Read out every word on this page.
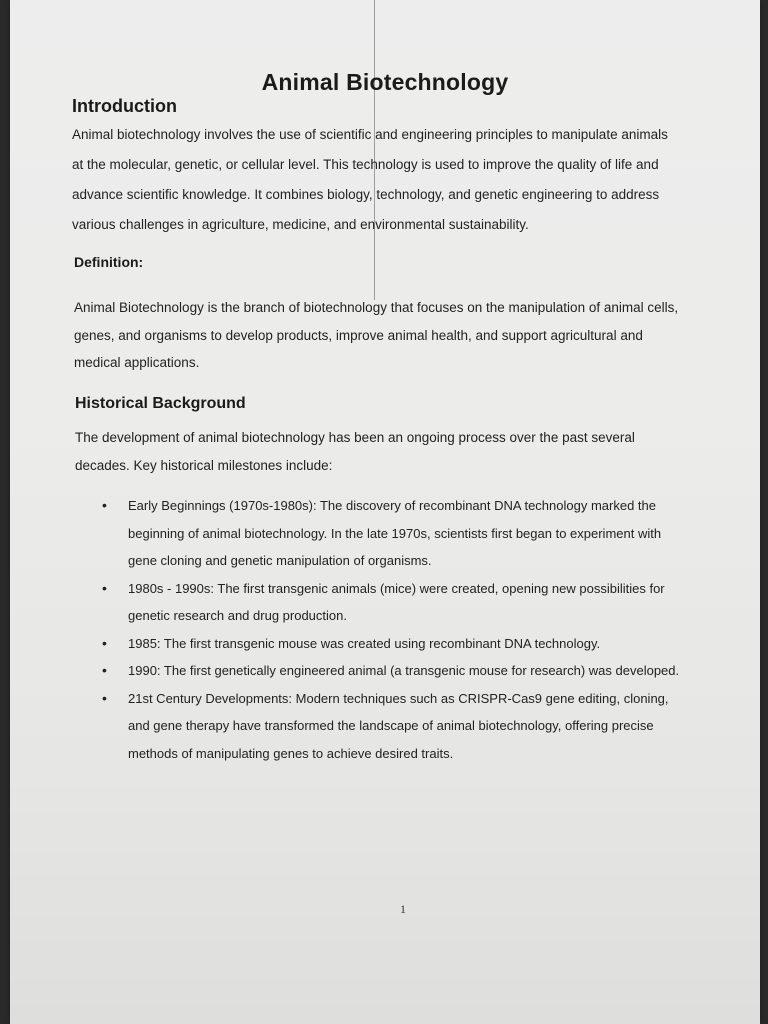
Animal Biotechnology
Introduction
Animal biotechnology involves the use of scientific and engineering principles to manipulate animals
at the molecular, genetic, or cellular level. This technology is used to improve the quality of life and
advance scientific knowledge. It combines biology, technology, and genetic engineering to address
various challenges in agriculture, medicine, and environmental sustainability.
Definition:
Animal Biotechnology is the branch of biotechnology that focuses on the manipulation of animal cells,
genes, and organisms to develop products, improve animal health, and support agricultural and
medical applications.
Historical Background
The development of animal biotechnology has been an ongoing process over the past several
decades. Key historical milestones include:
• Early Beginnings (1970s-1980s): The discovery of recombinant DNA technology marked the
beginning of animal biotechnology. In the late 1970s, scientists first began to experiment with
gene cloning and genetic manipulation of organisms.
• 1980s - 1990s: The first transgenic animals (mice) were created, opening new possibilities for
genetic research and drug production.
• 1985: The first transgenic mouse was created using recombinant DNA technology.
• 1990: The first genetically engineered animal (a transgenic mouse for research) was developed.
• 21st Century Developments: Modern techniques such as CRISPR-Cas9 gene editing, cloning,
and gene therapy have transformed the landscape of animal biotechnology, offering precise
methods of manipulating genes to achieve desired traits.
1
